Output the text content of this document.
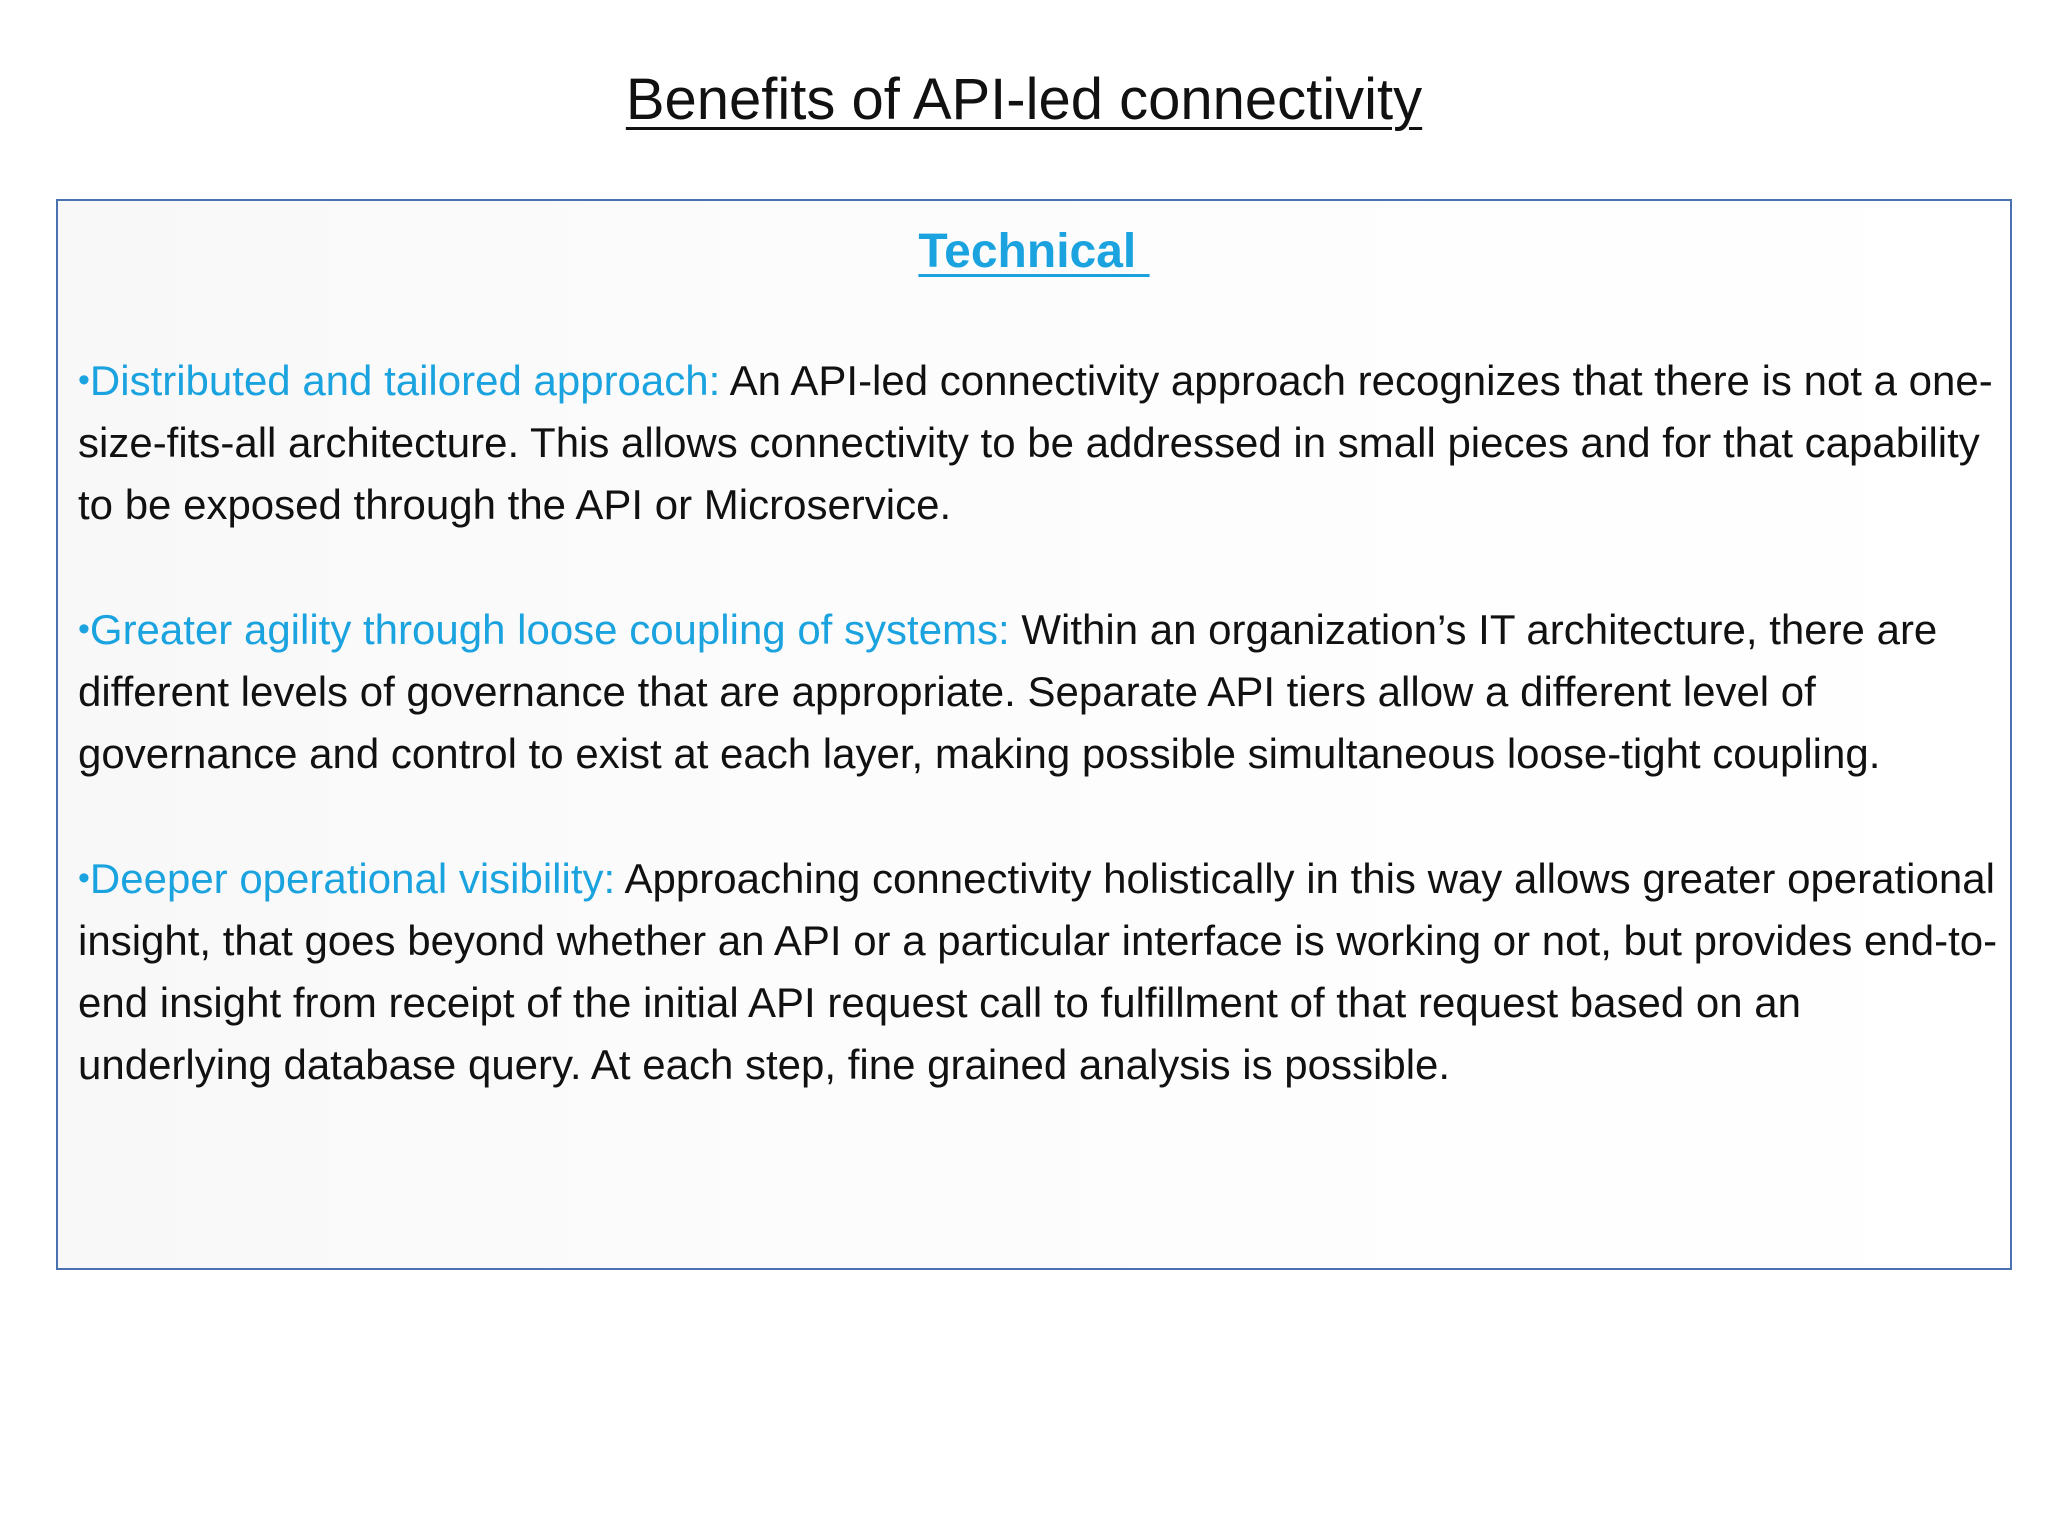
Benefits of API-led connectivity
Technical

•Distributed and tailored approach: An API-led connectivity approach recognizes that there is not a one-size-fits-all architecture. This allows connectivity to be addressed in small pieces and for that capability to be exposed through the API or Microservice.

•Greater agility through loose coupling of systems: Within an organization’s IT architecture, there are different levels of governance that are appropriate. Separate API tiers allow a different level of governance and control to exist at each layer, making possible simultaneous loose-tight coupling.

•Deeper operational visibility: Approaching connectivity holistically in this way allows greater operational insight, that goes beyond whether an API or a particular interface is working or not, but provides end-to-end insight from receipt of the initial API request call to fulfillment of that request based on an underlying database query. At each step, fine grained analysis is possible.
